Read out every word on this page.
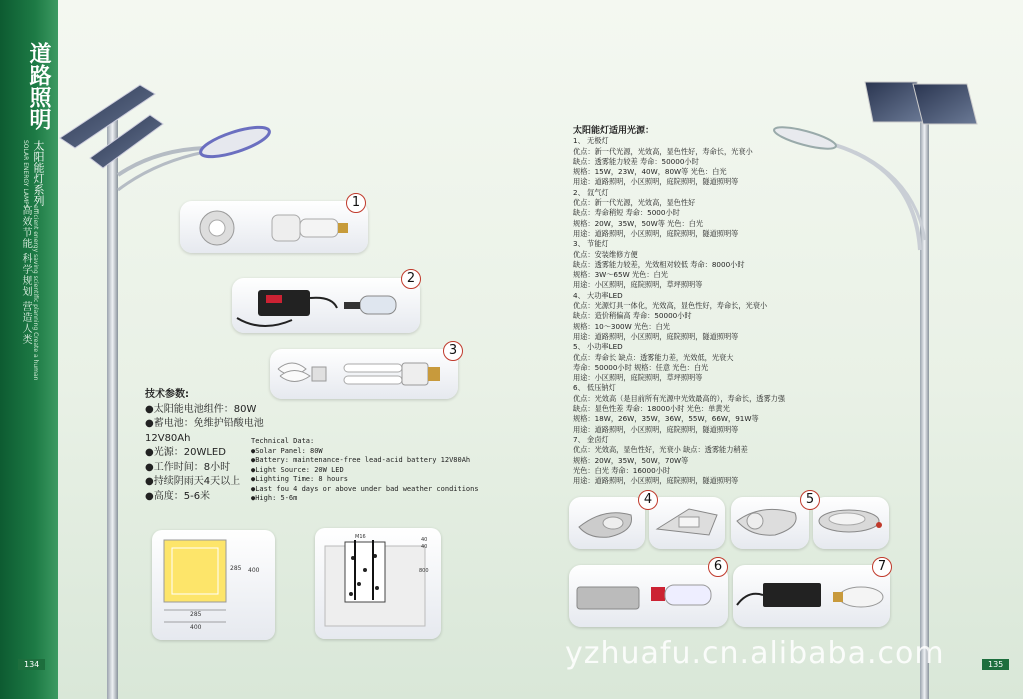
道路照明
太阳能灯系列
SOLAR ENERGY LAMPS
高效节能 科学规划 营造人类 efficient energy saving scientific planning Create a human
134
1
2
3
技术参数:
●太阳能电池组件：80W
●蓄电池：免维护铅酸电池12V80Ah
●光源：20WLED
●工作时间：8小时
●持续阴雨天4天以上
●高度：5-6米
Technical Data:
●Solar Panel: 80W
●Battery: maintenance-free lead-acid battery 12V80Ah
●Light Source: 20W LED
●Lighting Time: 8 hours
●Last fou 4 days or above under bad weather conditions
●High: 5-6m
285 400
285
400
M16	40
40
800
太阳能灯适用光源：
1、 无极灯
优点：新一代光源，光效高，显色性好，寿命长，光衰小
缺点：透雾能力较差 寿命：50000小时
规格：15W，23W，40W，80W等 光色：白光
用途：道路照明，小区照明，庭院照明，隧道照明等
2、 氙气灯
优点：新一代光源，光效高，显色性好
缺点：寿命稍短 寿命：5000小时
规格：20W，35W，50W等 光色：白光
用途：道路照明，小区照明，庭院照明，隧道照明等
3、 节能灯
优点：安装维修方便
缺点：透雾能力较差，光效相对较低 寿命：8000小时
规格：3W～65W 光色：白光
用途：小区照明，庭院照明，草坪照明等
4、 大功率LED
优点：光源灯具一体化，光效高，显色性好，寿命长，光衰小
缺点：造价稍偏高 寿命：50000小时
规格：10～300W 光色：白光
用途：道路照明，小区照明，庭院照明，隧道照明等
5、 小功率LED
优点：寿命长 缺点：透雾能力差，光效低，光衰大
寿命：50000小时 规格：任意 光色：白光
用途：小区照明，庭院照明，草坪照明等
6、 低压钠灯
优点：光效高（是目前所有光源中光效最高的），寿命长，透雾力强
缺点：显色性差 寿命：18000小时 光色：单黄光
规格：18W，26W，35W，36W，55W，66W，91W等
用途：道路照明，小区照明，庭院照明，隧道照明等
7、 金卤灯
优点：光效高，显色性好，光衰小 缺点：透雾能力稍差
规格：20W，35W，50W，70W等
光色：白光 寿命：16000小时
用途：道路照明，小区照明，庭院照明，隧道照明等
4	5
6	7
yzhuafu.cn.alibaba.com	135
